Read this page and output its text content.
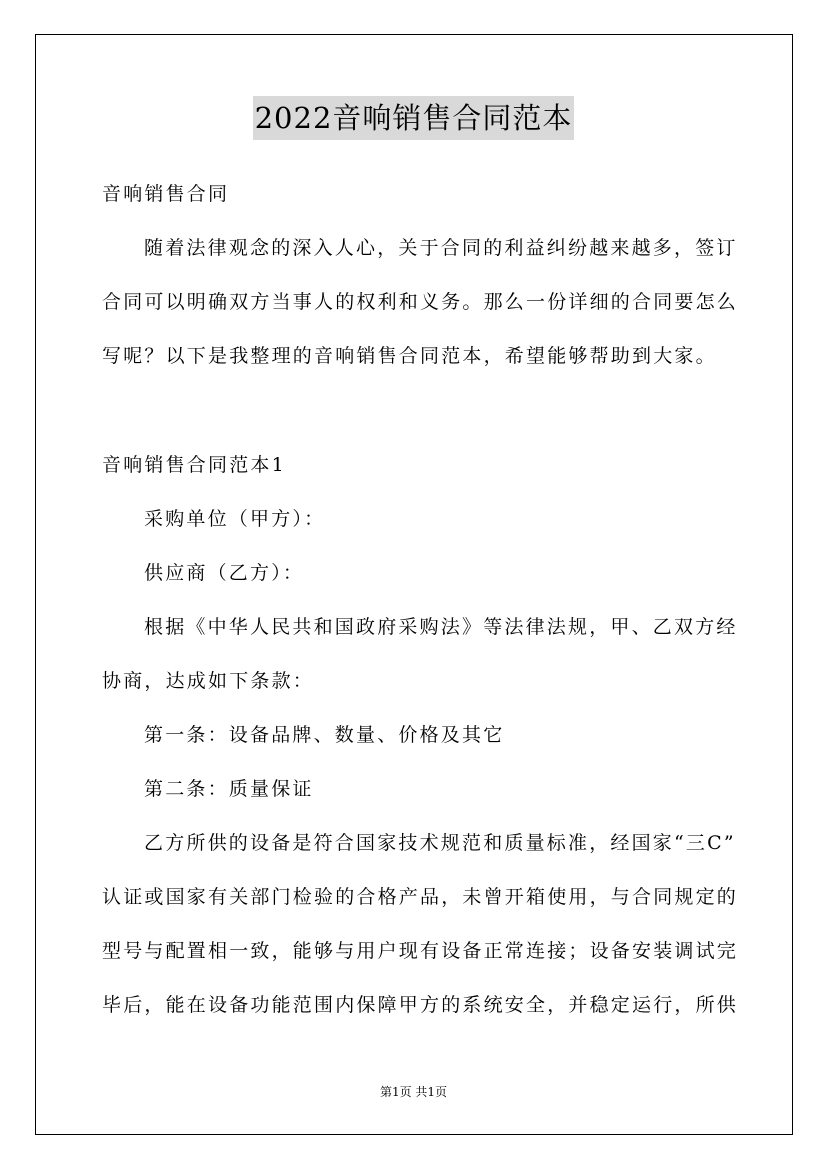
2022音响销售合同范本

音响销售合同

随着法律观念的深入人心，关于合同的利益纠纷越来越多，签订

合同可以明确双方当事人的权利和义务。那么一份详细的合同要怎么

写呢？以下是我整理的音响销售合同范本，希望能够帮助到大家。

音响销售合同范本1

采购单位（甲方）：

供应商（乙方）：

根据《中华人民共和国政府采购法》等法律法规，甲、乙双方经

协商，达成如下条款：

第一条：设备品牌、数量、价格及其它

第二条：质量保证

乙方所供的设备是符合国家技术规范和质量标准，经国家“三C”

认证或国家有关部门检验的合格产品，未曾开箱使用，与合同规定的

型号与配置相一致，能够与用户现有设备正常连接；设备安装调试完

毕后，能在设备功能范围内保障甲方的系统安全，并稳定运行，所供

第1页 共1页
